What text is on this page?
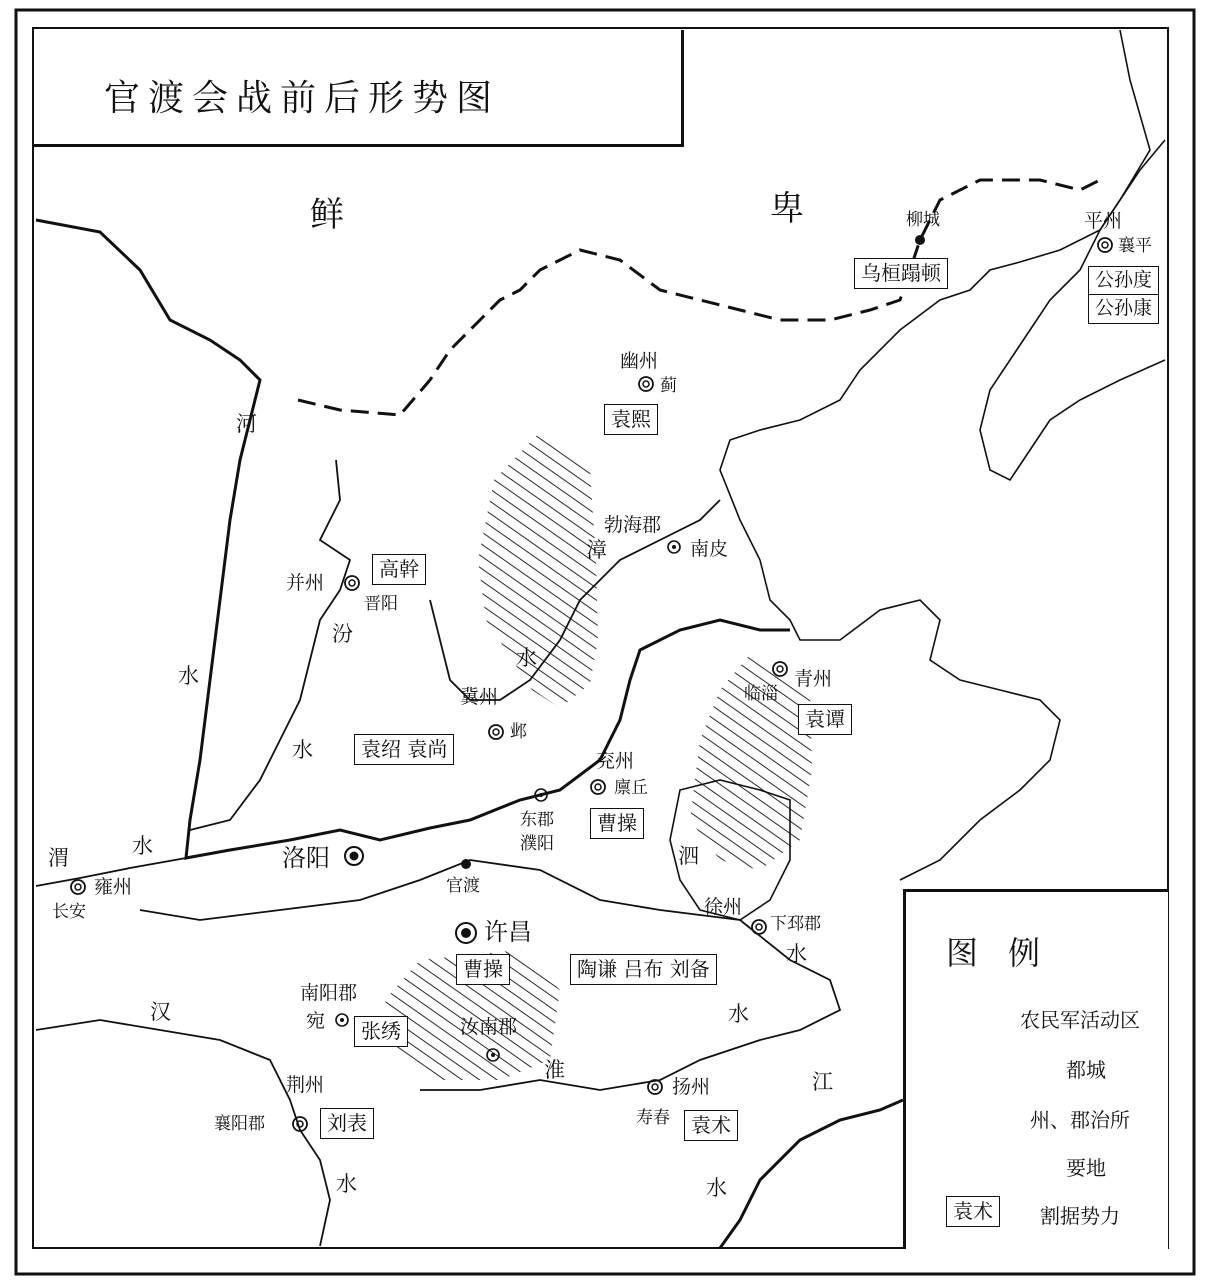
官渡会战前后形势图
鲜	卑
河
水
水
汾
漳
水
渭	水	泗
水
汉
水
淮
水
江
水
柳城	平州
襄平
幽州
蓟
勃海郡
南皮
并州
晋阳
冀州
邺
青州
临淄
兖州
廪丘
东郡
濮阳
洛阳
官渡
雍州
长安
许昌
徐州
下邳郡
南阳郡
宛	汝南郡
荆州
襄阳郡
扬州
寿春
乌桓蹋顿	公孙度
公孙康
袁熙
高幹
袁绍 袁尚
袁谭
曹操
曹操	陶谦 吕布 刘备
张绣
刘表	袁术
图例
农民军活动区
都城
州、郡治所
要地
袁术	割据势力
